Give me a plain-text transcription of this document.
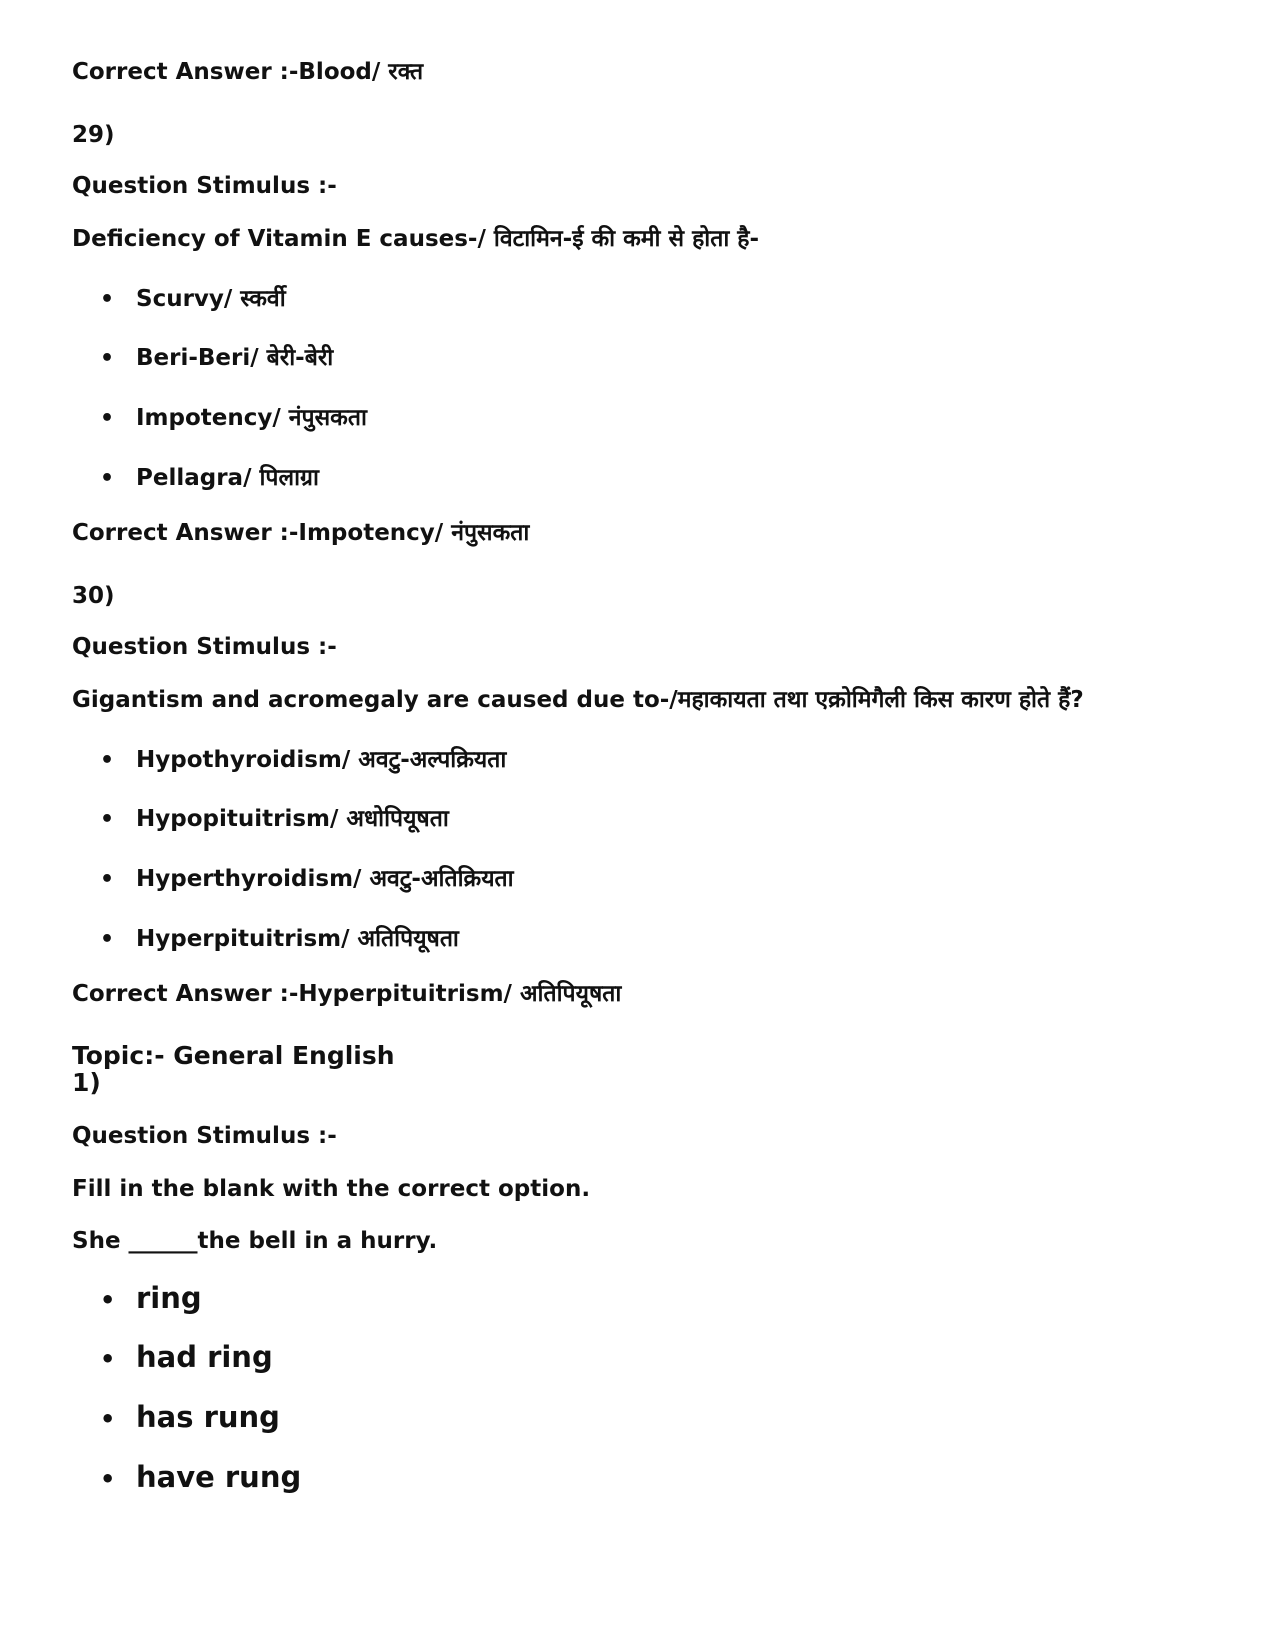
Correct Answer :-Blood/ रक्त
29)
Question Stimulus :-
Deficiency of Vitamin E causes-/ विटामिन-ई की कमी से होता है-
• Scurvy/ स्कर्वी
• Beri-Beri/ बेरी-बेरी
• Impotency/ नंपुसकता
• Pellagra/ पिलाग्रा
Correct Answer :-Impotency/ नंपुसकता
30)
Question Stimulus :-
Gigantism and acromegaly are caused due to-/महाकायता तथा एक्रोमिगैली किस कारण होते हैं?
• Hypothyroidism/ अवटु-अल्पक्रियता
• Hypopituitrism/ अधोपियूषता
• Hyperthyroidism/ अवटु-अतिक्रियता
• Hyperpituitrism/ अतिपियूषता
Correct Answer :-Hyperpituitrism/ अतिपियूषता
Topic:- General English
1)
Question Stimulus :-
Fill in the blank with the correct option.
She ______the bell in a hurry.
• ring
• had ring
• has rung
• have rung
